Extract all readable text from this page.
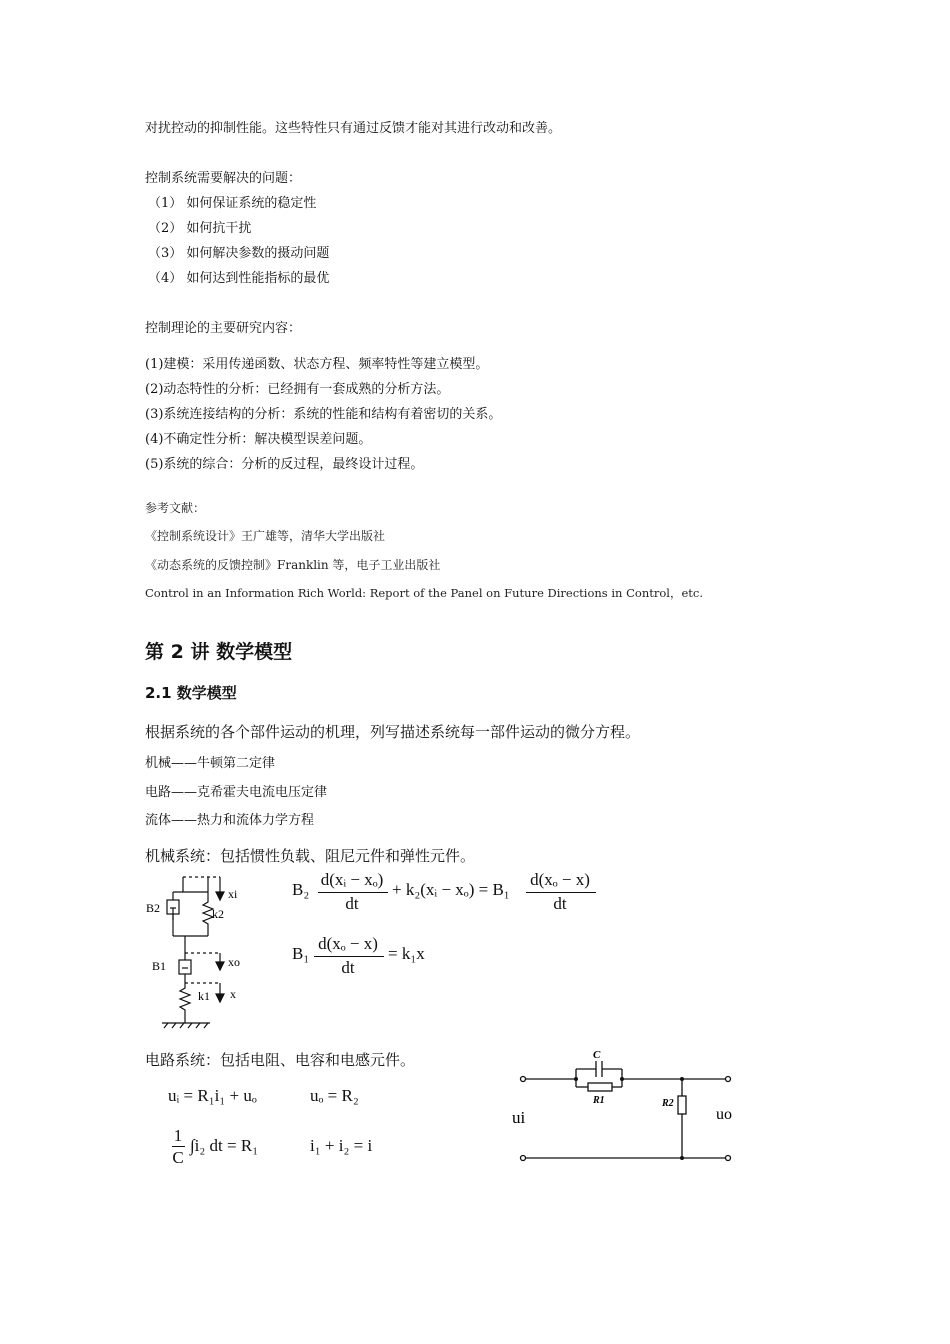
对扰控动的抑制性能。这些特性只有通过反馈才能对其进行改动和改善。
控制系统需要解决的问题：
（1） 如何保证系统的稳定性
（2） 如何抗干扰
（3） 如何解决参数的摄动问题
（4） 如何达到性能指标的最优
控制理论的主要研究内容：
(1)建模：采用传递函数、状态方程、频率特性等建立模型。
(2)动态特性的分析：已经拥有一套成熟的分析方法。
(3)系统连接结构的分析：系统的性能和结构有着密切的关系。
(4)不确定性分析：解决模型误差问题。
(5)系统的综合：分析的反过程，最终设计过程。
参考文献：
《控制系统设计》王广雄等，清华大学出版社
《动态系统的反馈控制》Franklin 等，电子工业出版社
Control in an Information Rich World: Report of the Panel on Future Directions in Control，etc.
第 2 讲 数学模型
2.1 数学模型
根据系统的各个部件运动的机理，列写描述系统每一部件运动的微分方程。
机械——牛顿第二定律
电路——克希霍夫电流电压定律
流体——热力和流体力学方程
机械系统：包括惯性负载、阻尼元件和弹性元件。
xi
k2
B2
B1	xo
k1 x
B₂
d(xᵢ − xₒ)
dt
+ k₂(xᵢ − xₒ) = B₁
d(xₒ − x)
dt
B₁
d(xₒ − x)
dt
= k₁x
电路系统：包括电阻、电容和电感元件。
uᵢ = R₁i₁ + uₒ	uₒ = R₂
1
C
∫i₂ dt = R₁	i₁ + i₂ = i
C
R1	R2
ui	uo
